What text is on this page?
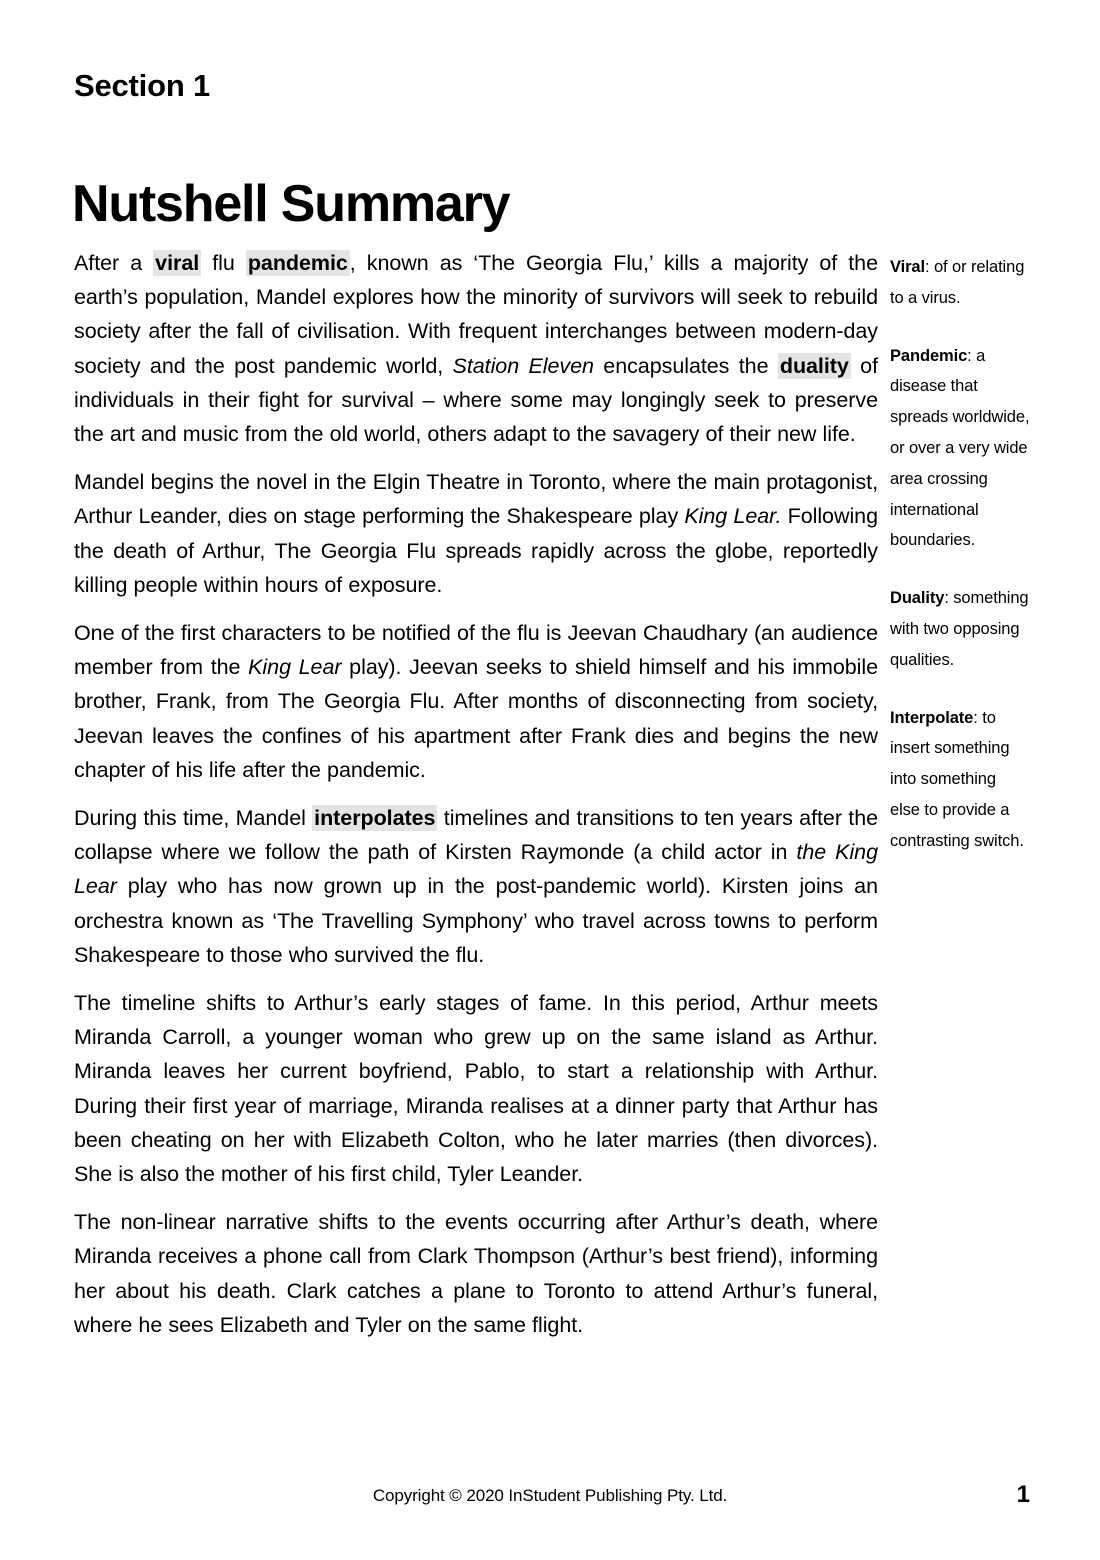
Section 1
Nutshell Summary

After a viral flu pandemic, known as ‘The Georgia Flu,’ kills a majority of the earth’s population, Mandel explores how the minority of survivors will seek to rebuild society after the fall of civilisation. With frequent interchanges between modern-day society and the post pandemic world, Station Eleven encapsulates the duality of individuals in their fight for survival – where some may longingly seek to preserve the art and music from the old world, others adapt to the savagery of their new life.

Mandel begins the novel in the Elgin Theatre in Toronto, where the main protagonist, Arthur Leander, dies on stage performing the Shakespeare play King Lear. Following the death of Arthur, The Georgia Flu spreads rapidly across the globe, reportedly killing people within hours of exposure.

One of the first characters to be notified of the flu is Jeevan Chaudhary (an audience member from the King Lear play). Jeevan seeks to shield himself and his immobile brother, Frank, from The Georgia Flu. After months of disconnecting from society, Jeevan leaves the confines of his apartment after Frank dies and begins the new chapter of his life after the pandemic.

During this time, Mandel interpolates timelines and transitions to ten years after the collapse where we follow the path of Kirsten Raymonde (a child actor in the King Lear play who has now grown up in the post-pandemic world). Kirsten joins an orchestra known as ‘The Travelling Symphony’ who travel across towns to perform Shakespeare to those who survived the flu.

The timeline shifts to Arthur’s early stages of fame. In this period, Arthur meets Miranda Carroll, a younger woman who grew up on the same island as Arthur. Miranda leaves her current boyfriend, Pablo, to start a relationship with Arthur. During their first year of marriage, Miranda realises at a dinner party that Arthur has been cheating on her with Elizabeth Colton, who he later marries (then divorces). She is also the mother of his first child, Tyler Leander.

The non-linear narrative shifts to the events occurring after Arthur’s death, where Miranda receives a phone call from Clark Thompson (Arthur’s best friend), informing her about his death. Clark catches a plane to Toronto to attend Arthur’s funeral, where he sees Elizabeth and Tyler on the same flight.

Viral: of or relating to a virus.
Pandemic: a disease that spreads worldwide, or over a very wide area crossing international boundaries.
Duality: something with two opposing qualities.
Interpolate: to insert something into something else to provide a contrasting switch.
Copyright © 2020 InStudent Publishing Pty. Ltd.	1
